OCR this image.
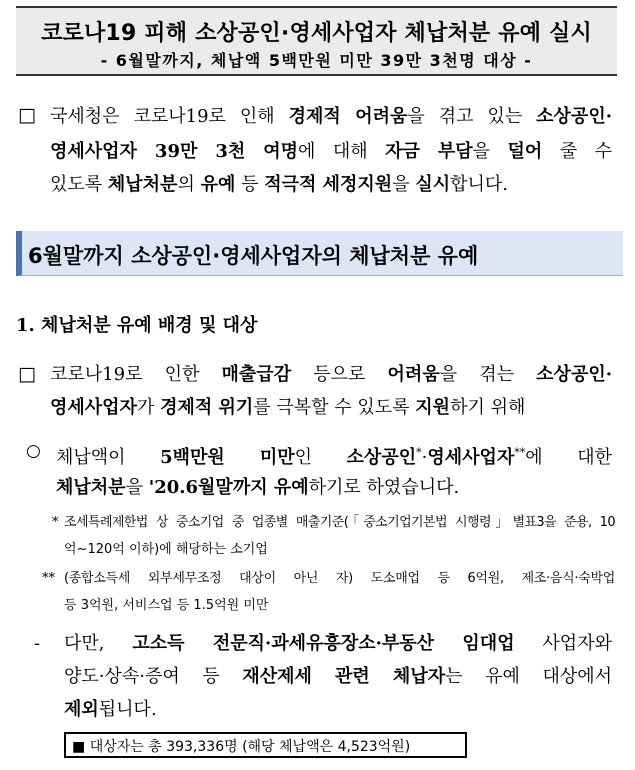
코로나19 피해 소상공인·영세사업자 체납처분 유예 실시
- 6월말까지, 체납액 5백만원 미만 39만 3천명 대상 -
□ 국세청은 코로나19로 인해 경제적 어려움을 겪고 있는 소상공인·
영세사업자 39만 3천 여명에 대해 자금 부담을 덜어 줄 수
있도록 체납처분의 유예 등 적극적 세정지원을 실시합니다.
6월말까지 소상공인·영세사업자의 체납처분 유예
1. 체납처분 유예 배경 및 대상
□ 코로나19로 인한 매출급감 등으로 어려움을 겪는 소상공인·
영세사업자가 경제적 위기를 극복할 수 있도록 지원하기 위해
○ 체납액이 5백만원 미만인 소상공인*·영세사업자**에 대한
체납처분을 '20.6월말까지 유예하기로 하였습니다.
* 조세특례제한법 상 중소기업 중 업종별 매출기준(「중소기업기본법 시행령」별표3을 준용, 10
억~120억 이하)에 해당하는 소기업
** (종합소득세 외부세무조정 대상이 아닌 자) 도소매업 등 6억원, 제조·음식·숙박업
등 3억원, 서비스업 등 1.5억원 미만
- 다만, 고소득 전문직·과세유흥장소·부동산 임대업 사업자와
양도·상속·증여 등 재산제세 관련 체납자는 유예 대상에서
제외됩니다.
■ 대상자는 총 393,336명 (해당 체납액은 4,523억원)
